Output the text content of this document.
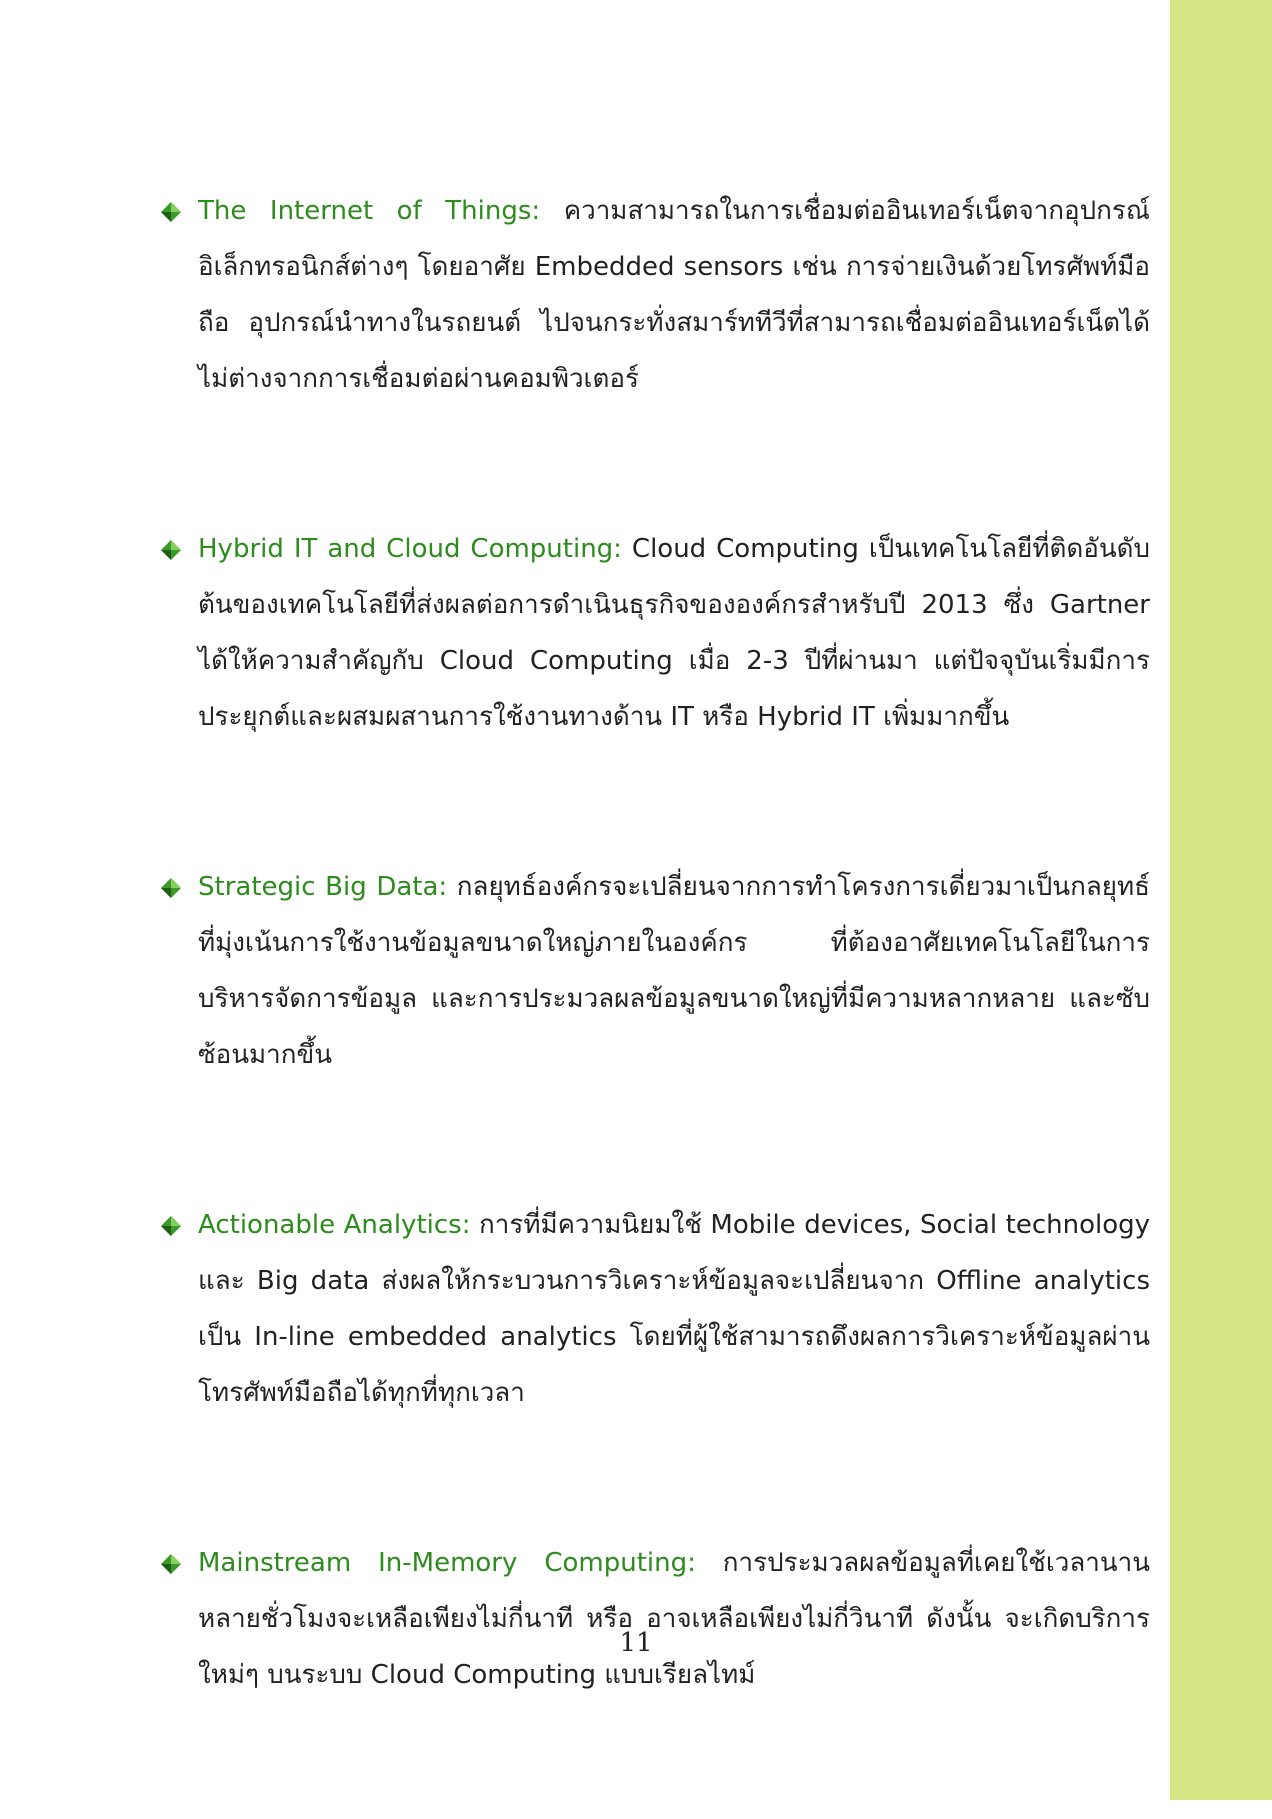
The Internet of Things: ความสามารถในการเชื่อมต่ออินเทอร์เน็ตจากอุปกรณ์อิเล็กทรอนิกส์ต่างๆ โดยอาศัย Embedded sensors เช่น การจ่ายเงินด้วยโทรศัพท์มือถือ อุปกรณ์นำทางในรถยนต์ ไปจนกระทั่งสมาร์ททีวีที่สามารถเชื่อมต่ออินเทอร์เน็ตได้ไม่ต่างจากการเชื่อมต่อผ่านคอมพิวเตอร์

Hybrid IT and Cloud Computing: Cloud Computing เป็นเทคโนโลยีที่ติดอันดับต้นของเทคโนโลยีที่ส่งผลต่อการดำเนินธุรกิจขององค์กรสำหรับปี 2013 ซึ่ง Gartner ได้ให้ความสำคัญกับ Cloud Computing เมื่อ 2-3 ปีที่ผ่านมา แต่ปัจจุบันเริ่มมีการประยุกต์และผสมผสานการใช้งานทางด้าน IT หรือ Hybrid IT เพิ่มมากขึ้น

Strategic Big Data: กลยุทธ์องค์กรจะเปลี่ยนจากการทำโครงการเดี่ยวมาเป็นกลยุทธ์ที่มุ่งเน้นการใช้งานข้อมูลขนาดใหญ่ภายในองค์กร ที่ต้องอาศัยเทคโนโลยีในการบริหารจัดการข้อมูล และการประมวลผลข้อมูลขนาดใหญ่ที่มีความหลากหลาย และซับซ้อนมากขึ้น

Actionable Analytics: การที่มีความนิยมใช้ Mobile devices, Social technology และ Big data ส่งผลให้กระบวนการวิเคราะห์ข้อมูลจะเปลี่ยนจาก Offline analytics เป็น In-line embedded analytics โดยที่ผู้ใช้สามารถดึงผลการวิเคราะห์ข้อมูลผ่านโทรศัพท์มือถือได้ทุกที่ทุกเวลา

Mainstream In-Memory Computing: การประมวลผลข้อมูลที่เคยใช้เวลานานหลายชั่วโมงจะเหลือเพียงไม่กี่นาที หรือ อาจเหลือเพียงไม่กี่วินาที ดังนั้น จะเกิดบริการใหม่ๆ บนระบบ Cloud Computing แบบเรียลไทม์

11
